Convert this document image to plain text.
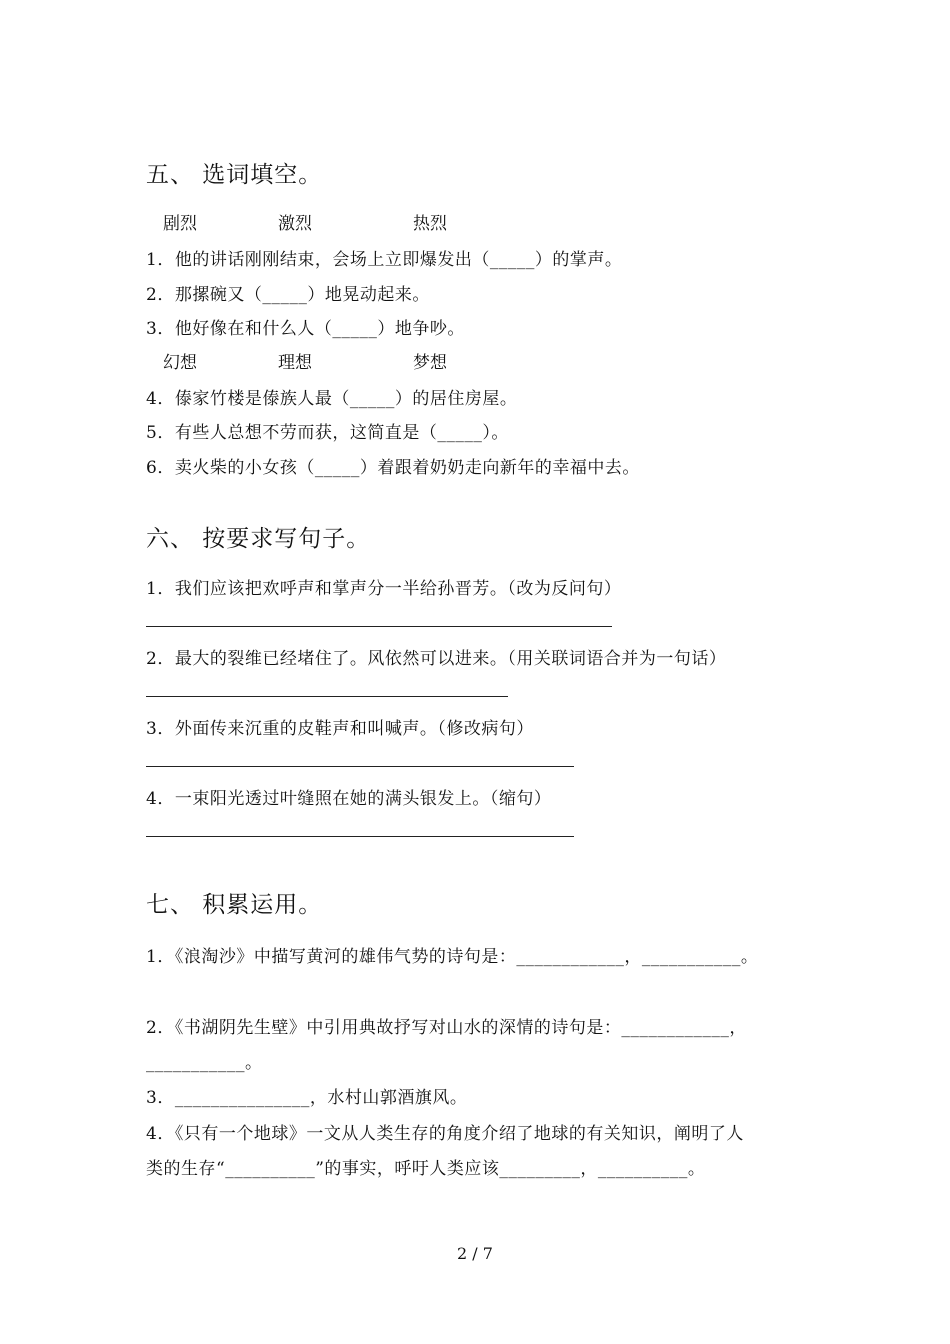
五、 选词填空。
剧烈	激烈	热烈
1．他的讲话刚刚结束，会场上立即爆发出（_____）的掌声。
2．那摞碗又（_____）地晃动起来。
3．他好像在和什么人（_____）地争吵。
幻想	理想	梦想
4．傣家竹楼是傣族人最（_____）的居住房屋。
5．有些人总想不劳而获，这简直是（_____）。
6．卖火柴的小女孩（_____）着跟着奶奶走向新年的幸福中去。
六、 按要求写句子。
1．我们应该把欢呼声和掌声分一半给孙晋芳。（改为反问句）
2．最大的裂维已经堵住了。风依然可以进来。（用关联词语合并为一句话）
3．外面传来沉重的皮鞋声和叫喊声。（修改病句）
4．一束阳光透过叶缝照在她的满头银发上。（缩句）
七、 积累运用。
1．《浪淘沙》中描写黄河的雄伟气势的诗句是：____________，___________。
2．《书湖阴先生壁》中引用典故抒写对山水的深情的诗句是：____________，
___________。
3．_______________，水村山郭酒旗风。
4．《只有一个地球》一文从人类生存的角度介绍了地球的有关知识，阐明了人
类的生存“__________”的事实，呼吁人类应该_________，__________。
2 / 7
